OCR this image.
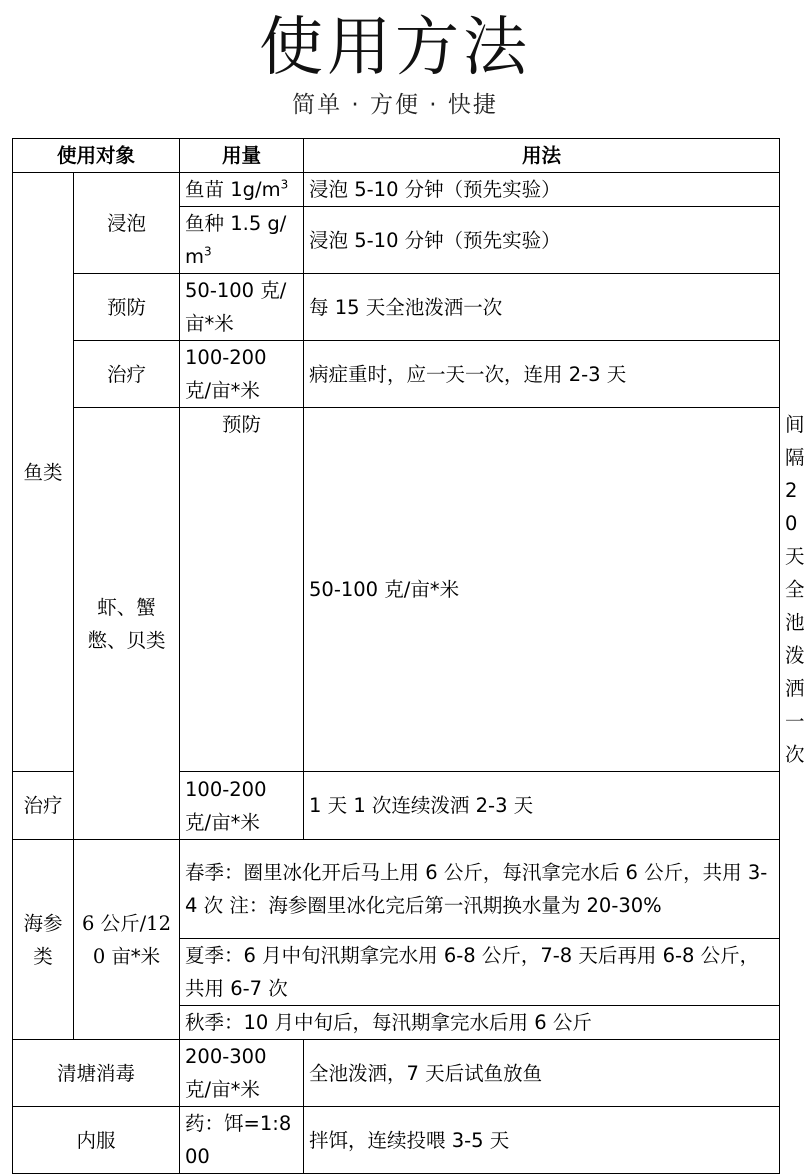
使用方法
简单 · 方便 · 快捷
使用对象		用量	用法	
鱼类	浸泡	鱼苗 $1g/m^3$	浸泡 5-10 分钟（预先实验）	
		鱼种 1.5 $g/m^3$	浸泡 5-10 分钟（预先实验）	
	预防	50-100 克/亩*米	每 15 天全池泼洒一次	
	治疗	100-200 克/亩*米	病症重时，应一天一次，连用 2-3 天	
	虾、蟹憋、贝类	预防	50-100 克/亩*米	间隔 20 天全池泼洒一次
治疗		100-200 克/亩*米	1 天 1 次连续泼洒 2-3 天	
海参类	6 公斤/120 亩*米	春季：圈里冰化开后马上用 6 公斤，每汛拿完水后 6 公斤，共用 3-4 次 注：海参圈里冰化完后第一汛期换水量为 20-30%		
		夏季：6 月中旬汛期拿完水用 6-8 公斤，7-8 天后再用 6-8 公斤，共用 6-7 次		
		秋季：10 月中旬后，每汛期拿完水后用 6 公斤		
清塘消毒		200-300 克/亩*米	全池泼洒，7 天后试鱼放鱼	
内服		药：饵=1:800	拌饵，连续投喂 3-5 天	
